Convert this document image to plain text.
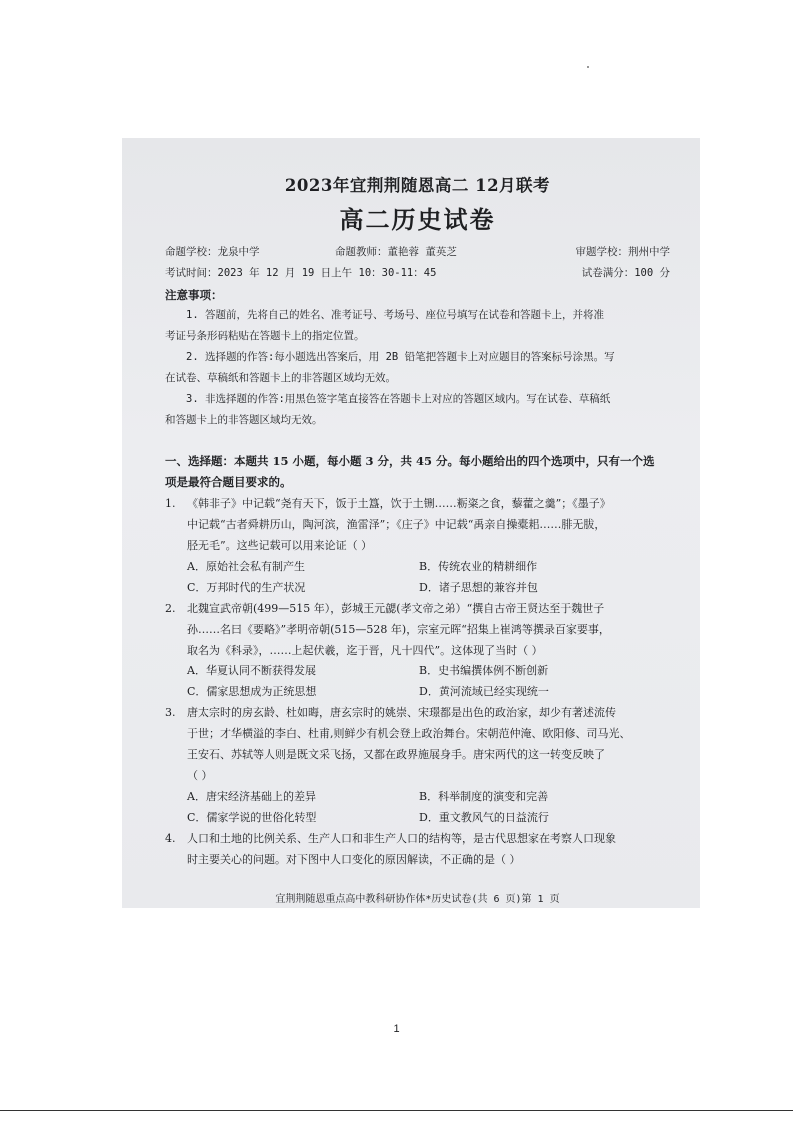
2023年宜荆荆随恩高二 12月联考
高二历史试卷
命题学校：龙泉中学	命题教师：董艳蓉 董英芝	审题学校：荆州中学
考试时间：2023 年 12 月 19 日上午 10：30-11：45	试卷满分：100 分
注意事项：
1. 答题前，先将自己的姓名、准考证号、考场号、座位号填写在试卷和答题卡上，并将准
考证号条形码粘贴在答题卡上的指定位置。
2. 选择题的作答:每小题选出答案后，用 2B 铅笔把答题卡上对应题目的答案标号涂黑。写
在试卷、草稿纸和答题卡上的非答题区域均无效。
3. 非选择题的作答:用黑色签字笔直接答在答题卡上对应的答题区域内。写在试卷、草稿纸
和答题卡上的非答题区域均无效。
一、选择题：本题共 15 小题，每小题 3 分，共 45 分。每小题给出的四个选项中，只有一个选
项是最符合题目要求的。
1.	《韩非子》中记载“尧有天下，饭于土簋，饮于土铏……粝粢之食，藜藿之羹”；《墨子》
中记载“古者舜耕历山，陶河滨，渔雷泽”；《庄子》中记载“禹亲自操橐耜……腓无胈，
胫无毛”。这些记载可以用来论证（ ）
A．原始社会私有制产生	B．传统农业的精耕细作
C．万邦时代的生产状况	D．诸子思想的兼容并包
2.	北魏宣武帝朝(499—515 年），彭城王元勰(孝文帝之弟）“撰自古帝王贤达至于魏世子
孙……名曰《要略》”孝明帝朝(515—528 年)，宗室元晖“招集上崔鸿等撰录百家要事，
取名为《科录》，……上起伏羲，迄于晋，凡十四代”。这体现了当时（ ）
A．华夏认同不断获得发展	B．史书编撰体例不断创新
C．儒家思想成为正统思想	D．黄河流域已经实现统一
3.	唐太宗时的房玄龄、杜如晦，唐玄宗时的姚崇、宋璟都是出色的政治家，却少有著述流传
于世；才华横溢的李白、杜甫,则鲜少有机会登上政治舞台。宋朝范仲淹、欧阳修、司马光、
王安石、苏轼等人则是既文采飞扬，又都在政界施展身手。唐宋两代的这一转变反映了
（ ）
A．唐宋经济基础上的差异	B．科举制度的演变和完善
C．儒家学说的世俗化转型	D．重文教风气的日益流行
4.	人口和土地的比例关系、生产人口和非生产人口的结构等，是古代思想家在考察人口现象
时主要关心的问题。对下图中人口变化的原因解读，不正确的是（ ）
宜荆荆随恩重点高中教科研协作体*历史试卷(共 6 页)第 1 页
1
